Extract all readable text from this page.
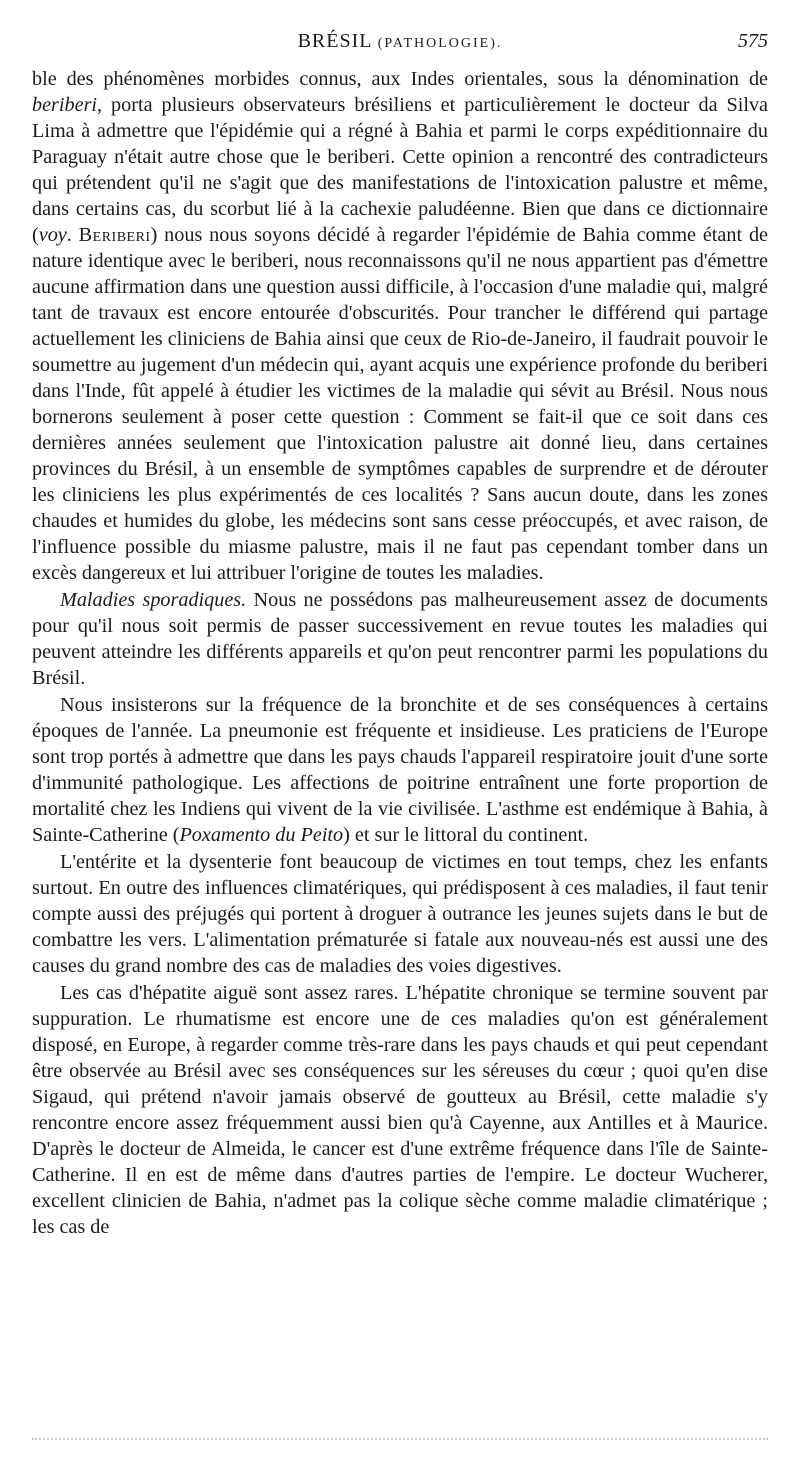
BRÉSIL (PATHOLOGIE).	575

ble des phénomènes morbides connus, aux Indes orientales, sous la dénomination de beriberi, porta plusieurs observateurs brésiliens et particulièrement le docteur da Silva Lima à admettre que l'épidémie qui a régné à Bahia et parmi le corps expéditionnaire du Paraguay n'était autre chose que le beriberi. Cette opinion a rencontré des contradicteurs qui prétendent qu'il ne s'agit que des manifestations de l'intoxication palustre et même, dans certains cas, du scorbut lié à la cachexie paludéenne. Bien que dans ce dictionnaire (voy. Beriberi) nous nous soyons décidé à regarder l'épidémie de Bahia comme étant de nature identique avec le beriberi, nous reconnaissons qu'il ne nous appartient pas d'émettre aucune affirmation dans une question aussi difficile, à l'occasion d'une maladie qui, malgré tant de travaux est encore entourée d'obscurités. Pour trancher le différend qui partage actuellement les cliniciens de Bahia ainsi que ceux de Rio-de-Janeiro, il faudrait pouvoir le soumettre au jugement d'un médecin qui, ayant acquis une expérience profonde du beriberi dans l'Inde, fût appelé à étudier les victimes de la maladie qui sévit au Brésil. Nous nous bornerons seulement à poser cette question : Comment se fait-il que ce soit dans ces dernières années seulement que l'intoxication palustre ait donné lieu, dans certaines provinces du Brésil, à un ensemble de symptômes capables de surprendre et de dérouter les cliniciens les plus expérimentés de ces localités ? Sans aucun doute, dans les zones chaudes et humides du globe, les médecins sont sans cesse préoccupés, et avec raison, de l'influence possible du miasme palustre, mais il ne faut pas cependant tomber dans un excès dangereux et lui attribuer l'origine de toutes les maladies.

Maladies sporadiques. Nous ne possédons pas malheureusement assez de documents pour qu'il nous soit permis de passer successivement en revue toutes les maladies qui peuvent atteindre les différents appareils et qu'on peut rencontrer parmi les populations du Brésil.

Nous insisterons sur la fréquence de la bronchite et de ses conséquences à certains époques de l'année. La pneumonie est fréquente et insidieuse. Les praticiens de l'Europe sont trop portés à admettre que dans les pays chauds l'appareil respiratoire jouit d'une sorte d'immunité pathologique. Les affections de poitrine entraînent une forte proportion de mortalité chez les Indiens qui vivent de la vie civilisée. L'asthme est endémique à Bahia, à Sainte-Catherine (Poxamento du Peito) et sur le littoral du continent.

L'entérite et la dysenterie font beaucoup de victimes en tout temps, chez les enfants surtout. En outre des influences climatériques, qui prédisposent à ces maladies, il faut tenir compte aussi des préjugés qui portent à droguer à outrance les jeunes sujets dans le but de combattre les vers. L'alimentation prématurée si fatale aux nouveau-nés est aussi une des causes du grand nombre des cas de maladies des voies digestives.

Les cas d'hépatite aiguë sont assez rares. L'hépatite chronique se termine souvent par suppuration. Le rhumatisme est encore une de ces maladies qu'on est généralement disposé, en Europe, à regarder comme très-rare dans les pays chauds et qui peut cependant être observée au Brésil avec ses conséquences sur les séreuses du cœur ; quoi qu'en dise Sigaud, qui prétend n'avoir jamais observé de goutteux au Brésil, cette maladie s'y rencontre encore assez fréquemment aussi bien qu'à Cayenne, aux Antilles et à Maurice. D'après le docteur de Almeida, le cancer est d'une extrême fréquence dans l'île de Sainte-Catherine. Il en est de même dans d'autres parties de l'empire. Le docteur Wucherer, excellent clinicien de Bahia, n'admet pas la colique sèche comme maladie climatérique ; les cas de
